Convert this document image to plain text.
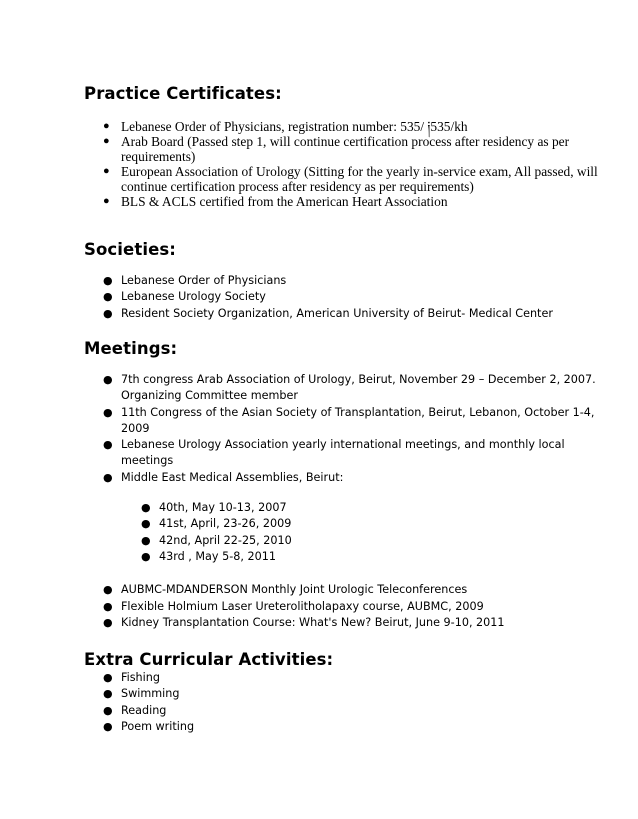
Practice Certificates:
● Lebanese Order of Physicians, registration number: 535/ ༏535/kh
● Arab Board (Passed step 1, will continue certification process after residency as per requirements)
● European Association of Urology (Sitting for the yearly in-service exam, All passed, will continue certification process after residency as per requirements)
● BLS & ACLS certified from the American Heart Association
Societies:
● Lebanese Order of Physicians
● Lebanese Urology Society
● Resident Society Organization, American University of Beirut- Medical Center
Meetings:
● 7th congress Arab Association of Urology, Beirut, November 29 – December 2, 2007. Organizing Committee member
● 11th Congress of the Asian Society of Transplantation, Beirut, Lebanon, October 1-4, 2009
● Lebanese Urology Association yearly international meetings, and monthly local meetings
● Middle East Medical Assemblies, Beirut:
● 40th, May 10-13, 2007
● 41st, April, 23-26, 2009
● 42nd, April 22-25, 2010
● 43rd , May 5-8, 2011
● AUBMC-MDANDERSON Monthly Joint Urologic Teleconferences
● Flexible Holmium Laser Ureterolitholapaxy course, AUBMC, 2009
● Kidney Transplantation Course: What's New? Beirut, June 9-10, 2011
Extra Curricular Activities:
● Fishing
● Swimming
● Reading
● Poem writing
